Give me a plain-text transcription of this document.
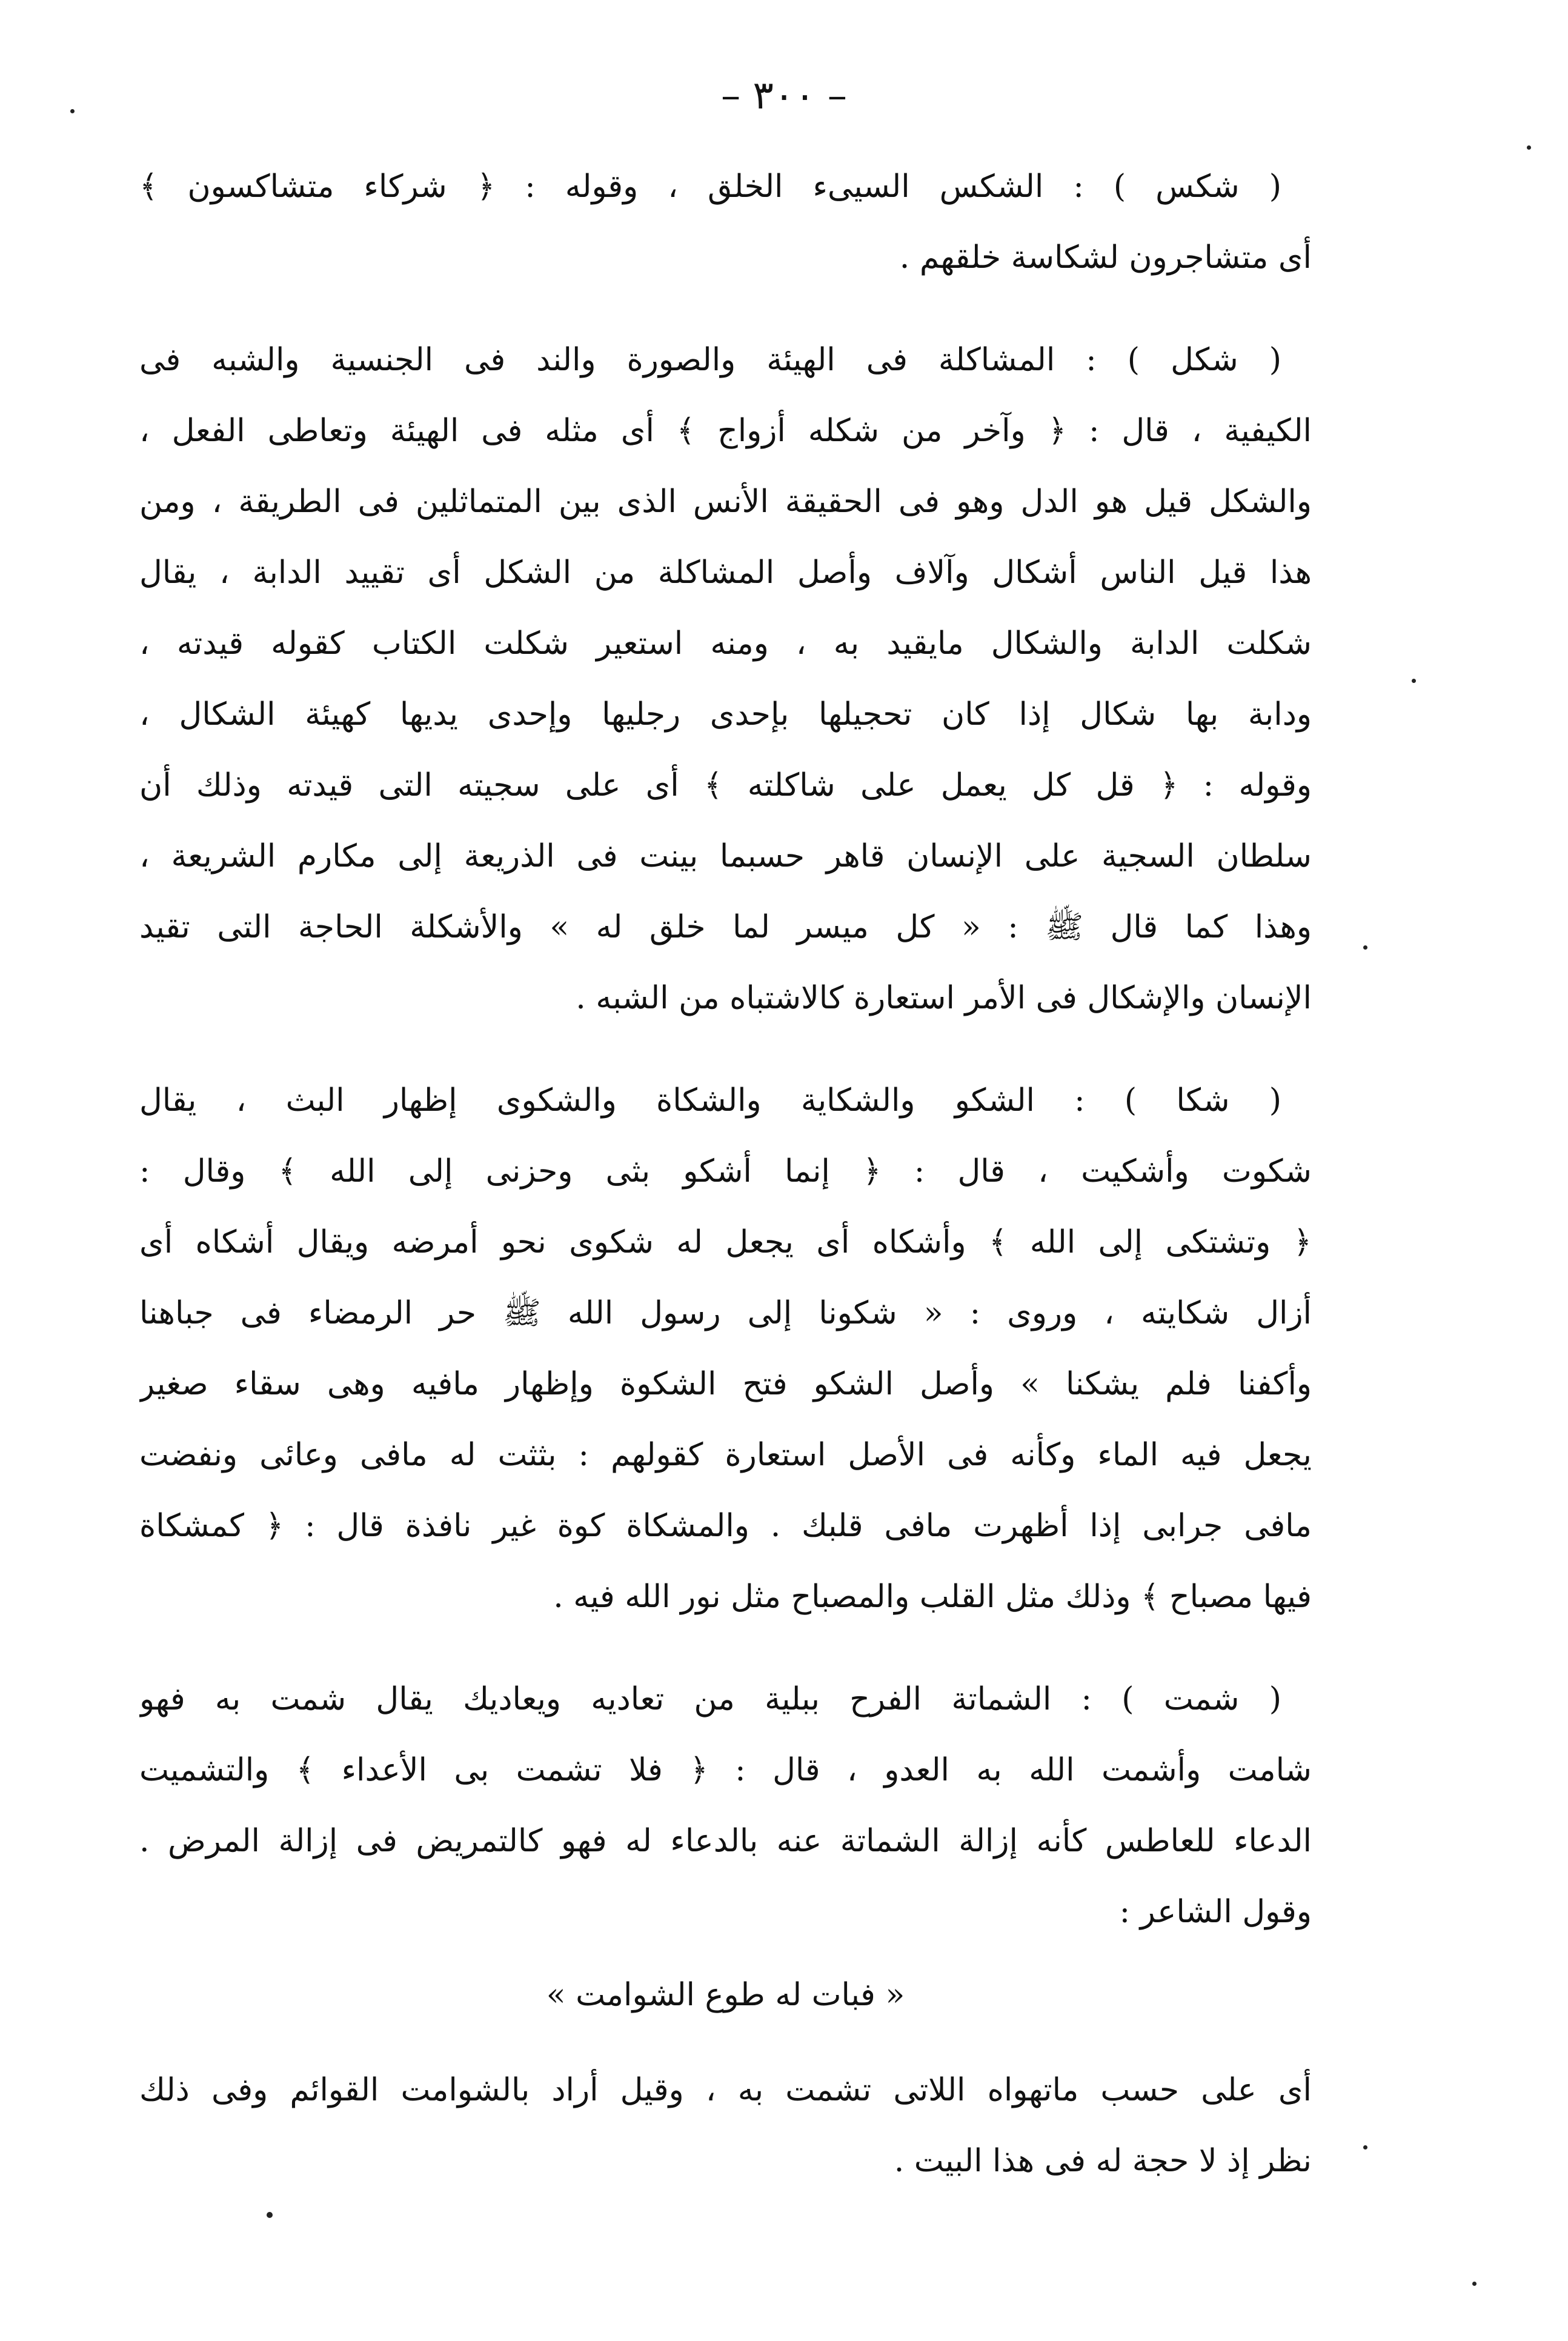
– ٣٠٠ –
( شكس ) : الشكس السيىء الخلق ، وقوله : ﴿ شركاء متشاكسون ﴾
أى متشاجرون لشكاسة خلقهم .
( شكل ) : المشاكلة فى الهيئة والصورة والند فى الجنسية والشبه فى
الكيفية ، قال : ﴿ وآخر من شكله أزواج ﴾ أى مثله فى الهيئة وتعاطى الفعل ،
والشكل قيل هو الدل وهو فى الحقيقة الأنس الذى بين المتماثلين فى الطريقة ، ومن
هذا قيل الناس أشكال وآلاف وأصل المشاكلة من الشكل أى تقييد الدابة ، يقال
شكلت الدابة والشكال مايقيد به ، ومنه استعير شكلت الكتاب كقوله قيدته ،
ودابة بها شكال إذا كان تحجيلها بإحدى رجليها وإحدى يديها كهيئة الشكال ،
وقوله : ﴿ قل كل يعمل على شاكلته ﴾ أى على سجيته التى قيدته وذلك أن
سلطان السجية على الإنسان قاهر حسبما بينت فى الذريعة إلى مكارم الشريعة ،
وهذا كما قال ﷺ : « كل ميسر لما خلق له » والأشكلة الحاجة التى تقيد
الإنسان والإشكال فى الأمر استعارة كالاشتباه من الشبه .
( شكا ) : الشكو والشكاية والشكاة والشكوى إظهار البث ، يقال
شكوت وأشكيت ، قال : ﴿ إنما أشكو بثى وحزنى إلى الله ﴾ وقال :
﴿ وتشتكى إلى الله ﴾ وأشكاه أى يجعل له شكوى نحو أمرضه ويقال أشكاه أى
أزال شكايته ، وروى : « شكونا إلى رسول الله ﷺ حر الرمضاء فى جباهنا
وأكفنا فلم يشكنا » وأصل الشكو فتح الشكوة وإظهار مافيه وهى سقاء صغير
يجعل فيه الماء وكأنه فى الأصل استعارة كقولهم : بثثت له مافى وعائى ونفضت
مافى جرابى إذا أظهرت مافى قلبك . والمشكاة كوة غير نافذة قال : ﴿ كمشكاة
فيها مصباح ﴾ وذلك مثل القلب والمصباح مثل نور الله فيه .
( شمت ) : الشماتة الفرح ببلية من تعاديه ويعاديك يقال شمت به فهو
شامت وأشمت الله به العدو ، قال : ﴿ فلا تشمت بى الأعداء ﴾ والتشميت
الدعاء للعاطس كأنه إزالة الشماتة عنه بالدعاء له فهو كالتمريض فى إزالة المرض .
وقول الشاعر :
« فبات له طوع الشوامت »
أى على حسب ماتهواه اللاتى تشمت به ، وقيل أراد بالشوامت القوائم وفى ذلك
نظر إذ لا حجة له فى هذا البيت .
